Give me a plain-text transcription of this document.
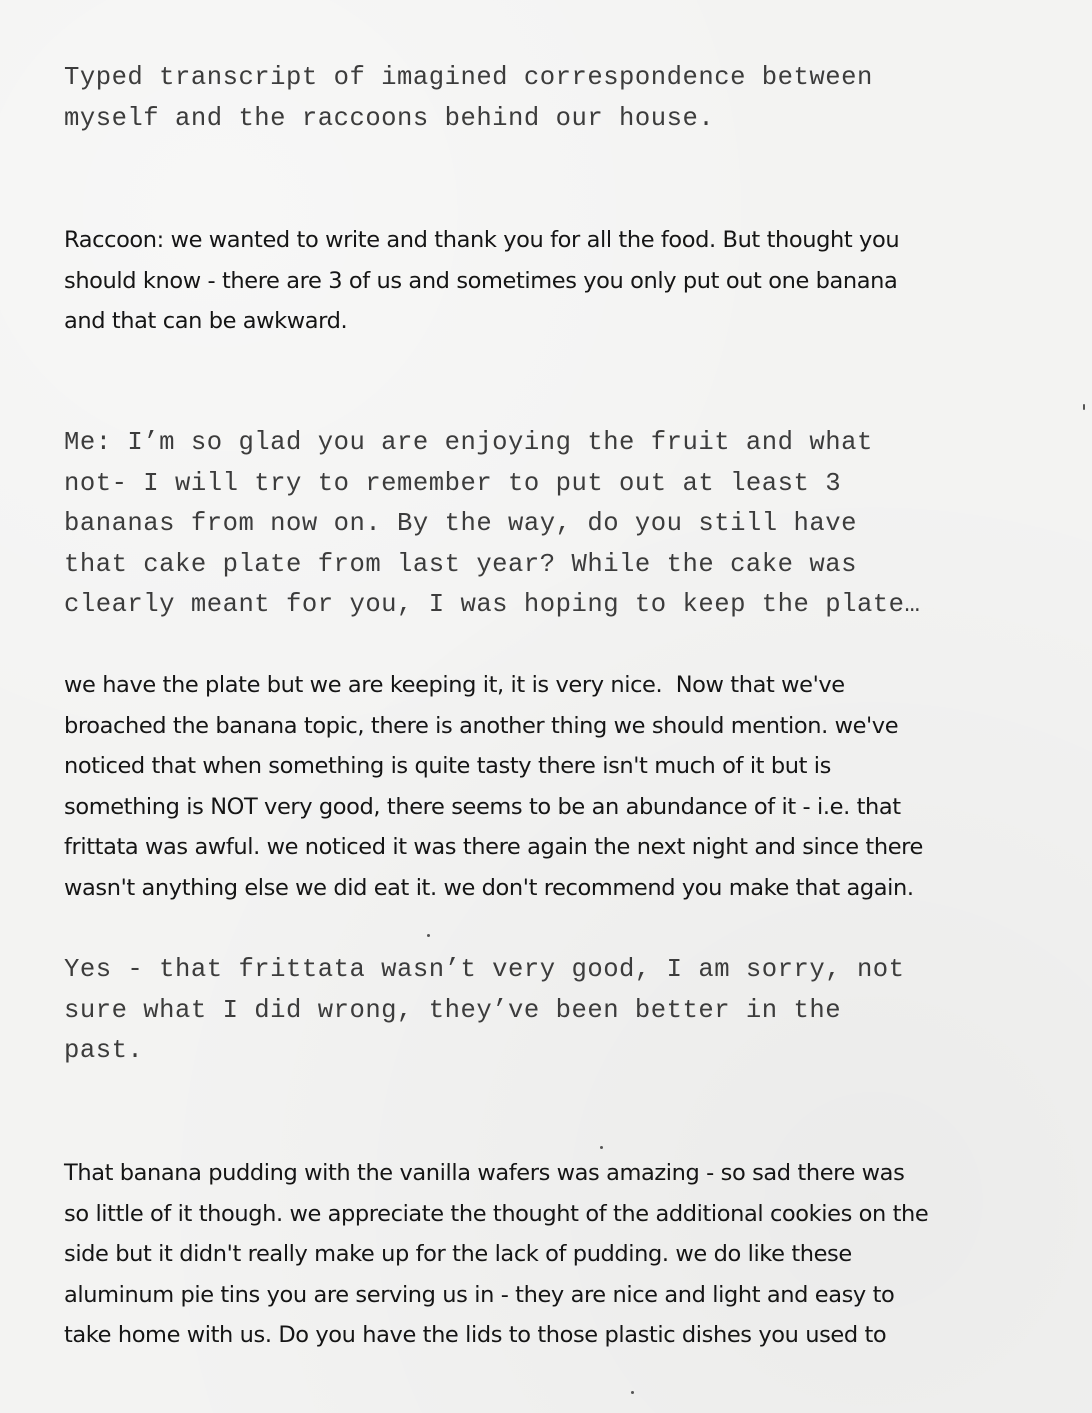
Typed transcript of imagined correspondence between
myself and the raccoons behind our house.

Raccoon: we wanted to write and thank you for all the food. But thought you
should know - there are 3 of us and sometimes you only put out one banana
and that can be awkward.

Me: I’m so glad you are enjoying the fruit and what
not- I will try to remember to put out at least 3
bananas from now on. By the way, do you still have
that cake plate from last year? While the cake was
clearly meant for you, I was hoping to keep the plate…

we have the plate but we are keeping it, it is very nice.  Now that we've
broached the banana topic, there is another thing we should mention. we've
noticed that when something is quite tasty there isn't much of it but is
something is NOT very good, there seems to be an abundance of it - i.e. that
frittata was awful. we noticed it was there again the next night and since there
wasn't anything else we did eat it. we don't recommend you make that again.

Yes - that frittata wasn’t very good, I am sorry, not
sure what I did wrong, they’ve been better in the
past.

That banana pudding with the vanilla wafers was amazing - so sad there was
so little of it though. we appreciate the thought of the additional cookies on the
side but it didn't really make up for the lack of pudding. we do like these
aluminum pie tins you are serving us in - they are nice and light and easy to
take home with us. Do you have the lids to those plastic dishes you used to
